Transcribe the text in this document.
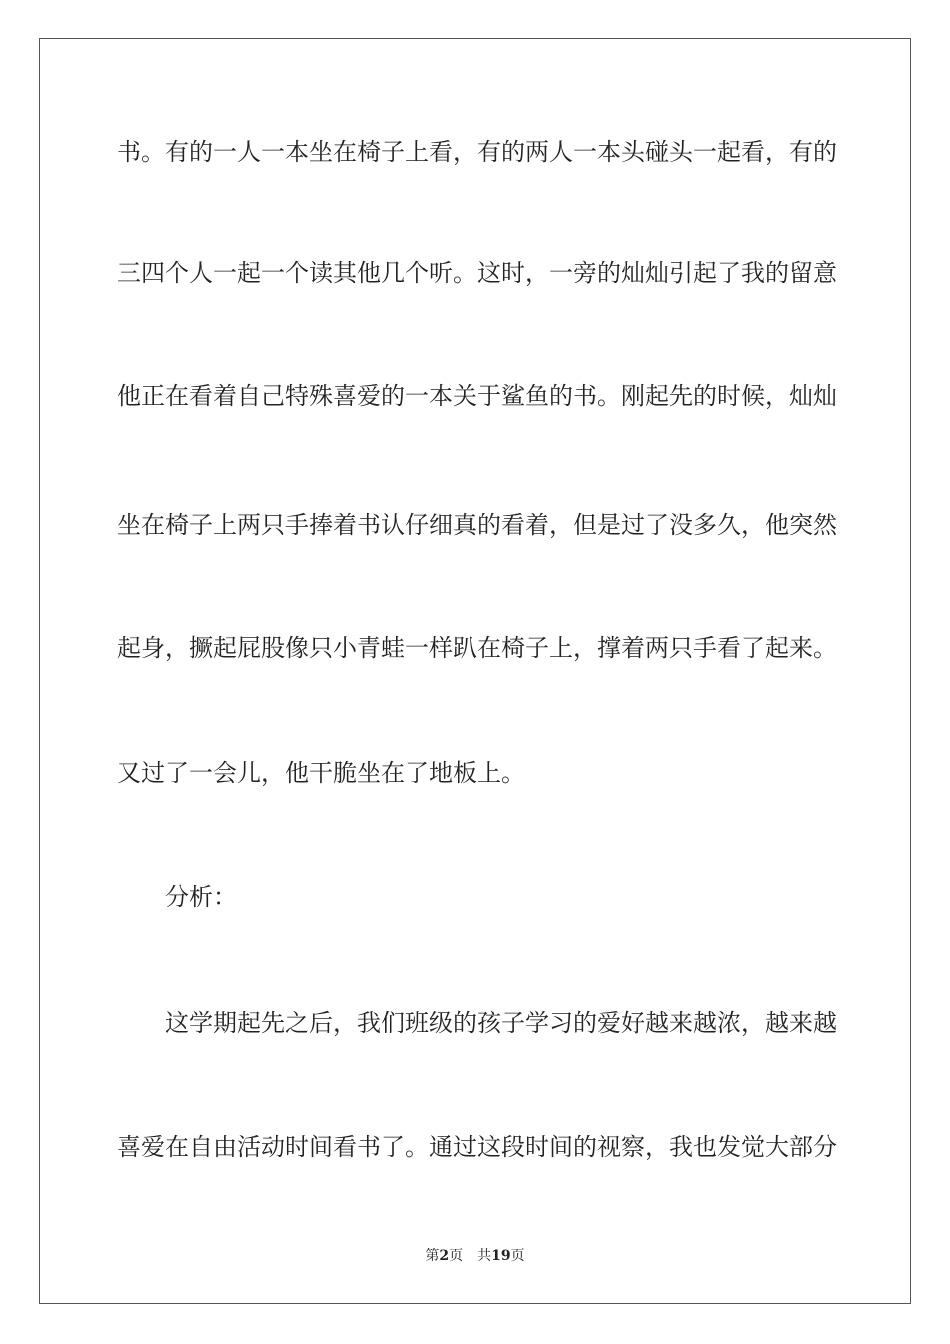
书。有的一人一本坐在椅子上看，有的两人一本头碰头一起看，有的
三四个人一起一个读其他几个听。这时，一旁的灿灿引起了我的留意
他正在看着自己特殊喜爱的一本关于鲨鱼的书。刚起先的时候，灿灿
坐在椅子上两只手捧着书认仔细真的看着，但是过了没多久，他突然
起身，撅起屁股像只小青蛙一样趴在椅子上，撑着两只手看了起来。
又过了一会儿，他干脆坐在了地板上。
分析：
这学期起先之后，我们班级的孩子学习的爱好越来越浓，越来越
喜爱在自由活动时间看书了。通过这段时间的视察，我也发觉大部分
第2页 共19页
